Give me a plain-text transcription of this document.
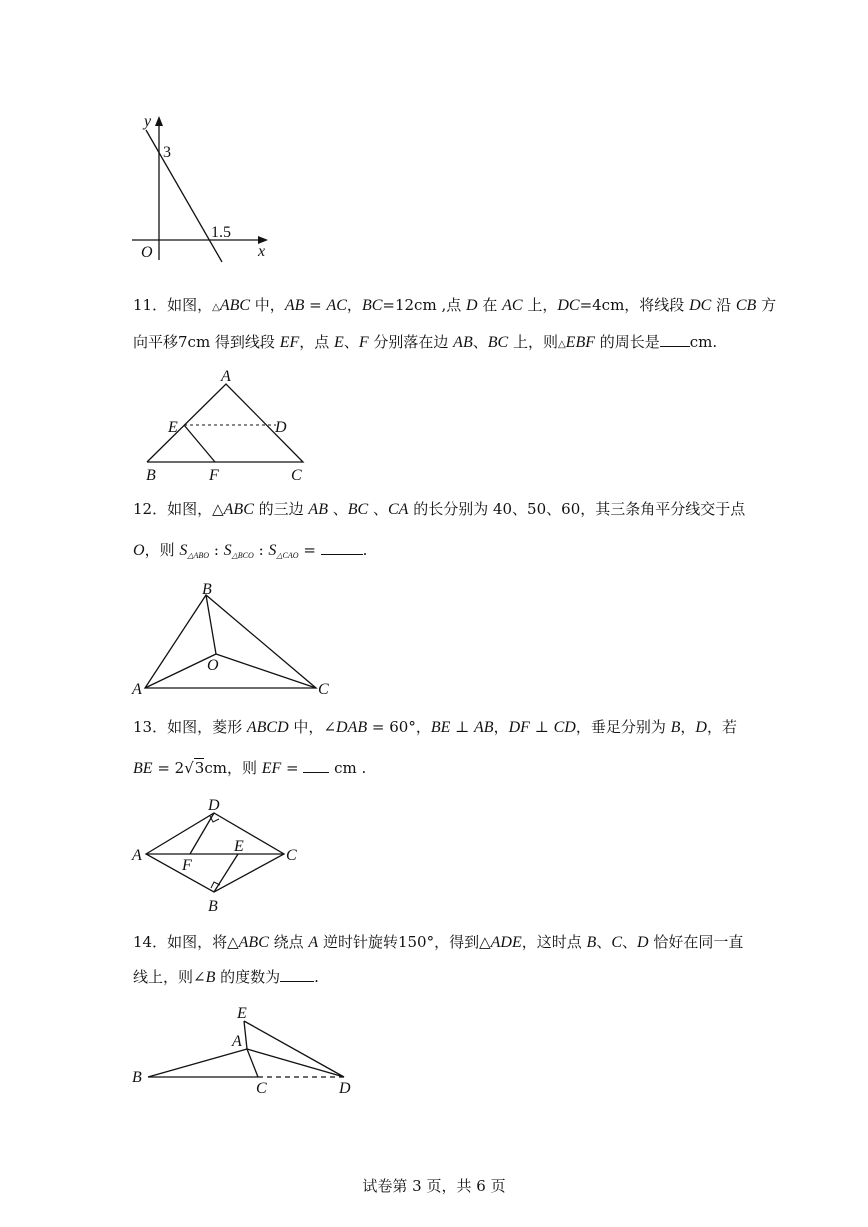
y
x
O
3
1.5
11．如图，△ABC 中，AB = AC，BC=12cm ,点 D 在 AC 上，DC=4cm，将线段 DC 沿 CB 方
向平移7cm 得到线段 EF，点 E、F 分别落在边 AB、BC 上，则△EBF 的周长是 cm.
A
B	C
D
E
F
12．如图，△ABC 的三边 AB 、BC 、CA 的长分别为 40、50、60，其三条角平分线交于点
O，则 $S_{\triangle ABO}$ : $S_{\triangle BCO}$ : $S_{\triangle CAO}$ =	.
A
B
C
O
13．如图，菱形 ABCD 中，∠DAB = 60°，BE ⊥ AB，DF ⊥ CD，垂足分别为 B，D，若
BE = 2√3cm，则 EF =  cm .
A
B
C
D
E
F
14．如图，将△ABC 绕点 A 逆时针旋转150°，得到△ADE，这时点 B、C、D 恰好在同一直
线上，则∠B 的度数为 .
A
B
C	D
E
试卷第 3 页，共 6 页
